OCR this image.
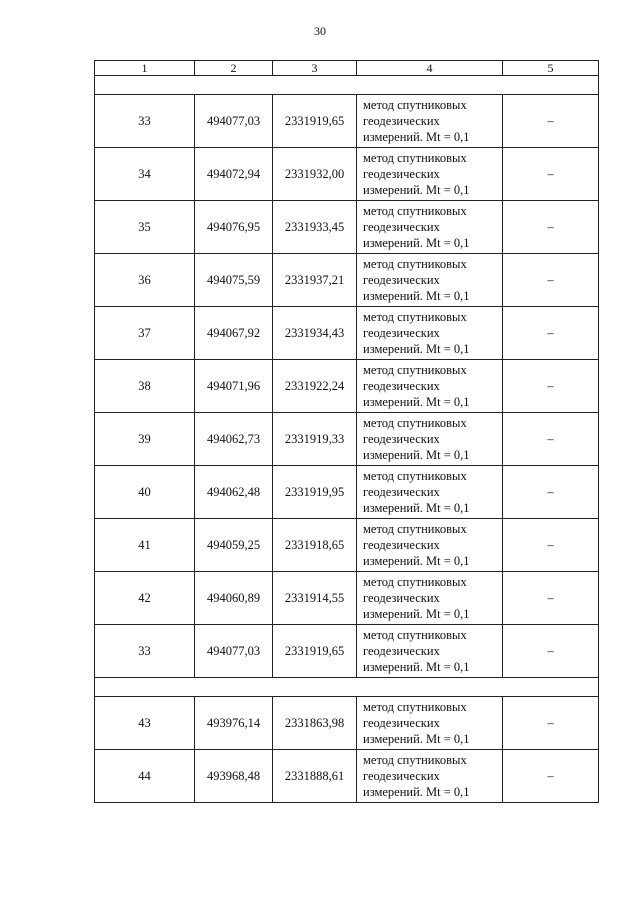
30
1	2	3	4	5

33	494077,03	2331919,65	метод спутниковых
геодезических
измерений. Mt = 0,1	–
34	494072,94	2331932,00	метод спутниковых
геодезических
измерений. Mt = 0,1	–
35	494076,95	2331933,45	метод спутниковых
геодезических
измерений. Mt = 0,1	–
36	494075,59	2331937,21	метод спутниковых
геодезических
измерений. Mt = 0,1	–
37	494067,92	2331934,43	метод спутниковых
геодезических
измерений. Mt = 0,1	–
38	494071,96	2331922,24	метод спутниковых
геодезических
измерений. Mt = 0,1	–
39	494062,73	2331919,33	метод спутниковых
геодезических
измерений. Mt = 0,1	–
40	494062,48	2331919,95	метод спутниковых
геодезических
измерений. Mt = 0,1	–
41	494059,25	2331918,65	метод спутниковых
геодезических
измерений. Mt = 0,1	–
42	494060,89	2331914,55	метод спутниковых
геодезических
измерений. Mt = 0,1	–
33	494077,03	2331919,65	метод спутниковых
геодезических
измерений. Mt = 0,1	–

43	493976,14	2331863,98	метод спутниковых
геодезических
измерений. Mt = 0,1	–
44	493968,48	2331888,61	метод спутниковых
геодезических
измерений. Mt = 0,1	–
